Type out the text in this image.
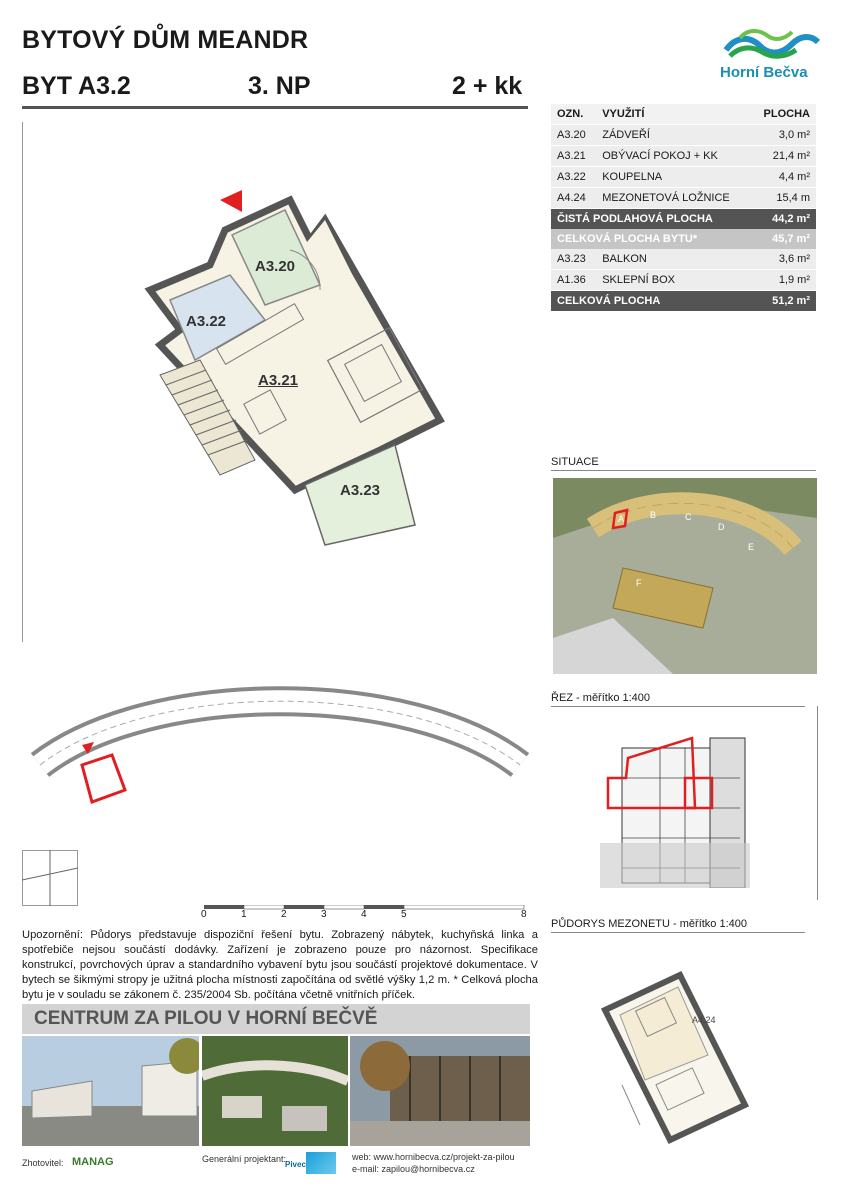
BYTOVÝ DŮM MEANDR
BYT A3.2	3. NP	2 + kk	Horní Bečva
OZN.	VYUŽITÍ	PLOCHA
A3.20	ZÁDVEŘÍ	3,0 m²
A3.21	OBÝVACÍ POKOJ + KK	21,4 m²
A3.22	KOUPELNA	4,4 m²
A4.24	MEZONETOVÁ LOŽNICE	15,4 m
ČISTÁ PODLAHOVÁ PLOCHA		44,2 m²
CELKOVÁ PLOCHA BYTU*		45,7 m²
A3.23	BALKON	3,6 m²
A1.36	SKLEPNÍ BOX	1,9 m²
CELKOVÁ PLOCHA		51,2 m²
A3.20
A3.22
A3.21
A3.23
0	1	2	3	4	5	8
SITUACE
B	C
D
E
F
A
ŘEZ - měřítko 1:400
PŮDORYS MEZONETU - měřítko 1:400
A4.24
Upozornění: Půdorys představuje dispoziční řešení bytu. Zobrazený nábytek, kuchyňská linka a spotřebiče nejsou součástí dodávky. Zařízení je zobrazeno pouze pro názornost. Specifikace konstrukcí, povrchových úprav a standardního vybavení bytu jsou součástí projektové dokumentace. V bytech se šikmými stropy je užitná plocha místnosti započítána od světlé výšky 1,2 m. * Celková plocha bytu je v souladu se zákonem č. 235/2004 Sb. počítána včetně vnitřních příček.
CENTRUM ZA PILOU V HORNÍ BEČVĚ
Zhotovitel: MANAG	Generální projektant:
Pivec
web: www.hornibecva.cz/projekt-za-pilou
e-mail: zapilou@hornibecva.cz
